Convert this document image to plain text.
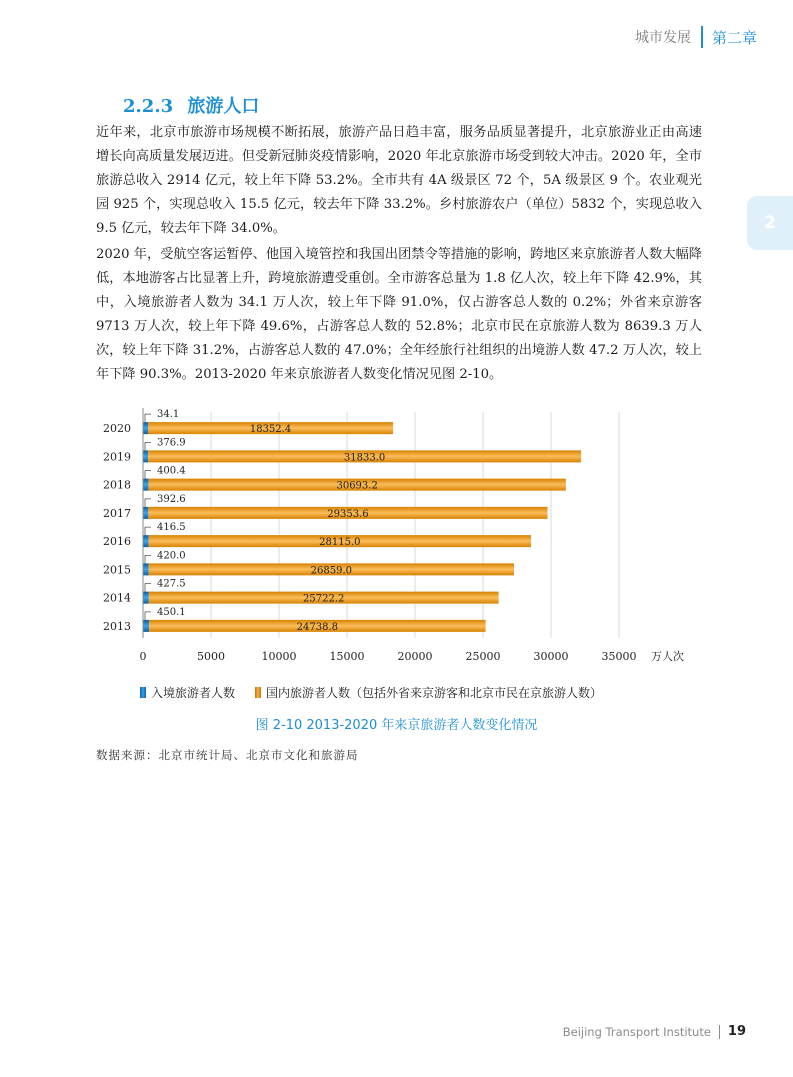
城市发展 第二章
2
2.2.3 旅游人口

近年来，北京市旅游市场规模不断拓展，旅游产品日趋丰富，服务品质显著提升，北京旅游业正由高速增长向高质量发展迈进。但受新冠肺炎疫情影响，2020 年北京旅游市场受到较大冲击。2020 年，全市旅游总收入 2914 亿元，较上年下降 53.2%。全市共有 4A 级景区 72 个，5A 级景区 9 个。农业观光园 925 个，实现总收入 15.5 亿元，较去年下降 33.2%。乡村旅游农户（单位）5832 个，实现总收入 9.5 亿元，较去年下降 34.0%。

2020 年，受航空客运暂停、他国入境管控和我国出团禁令等措施的影响，跨地区来京旅游者人数大幅降低，本地游客占比显著上升，跨境旅游遭受重创。全市游客总量为 1.8 亿人次，较上年下降 42.9%，其中，入境旅游者人数为 34.1 万人次，较上年下降 91.0%，仅占游客总人数的 0.2%；外省来京游客 9713 万人次，较上年下降 49.6%，占游客总人数的 52.8%；北京市民在京旅游人数为 8639.3 万人次，较上年下降 31.2%，占游客总人数的 47.0%；全年经旅行社组织的出境游人数 47.2 万人次，较上年下降 90.3%。2013-2020 年来京旅游者人数变化情况见图 2-10。

0	5000	10000	15000	20000	25000	30000	35000 万人次
2020	18352.4
34.1
2019	31833.0
376.9
2018	30693.2
400.4
2017	29353.6
392.6
2016	28115.0
416.5
2015	26859.0
420.0
2014	25722.2
427.5
2013	24738.8
450.1
入境旅游者人数	国内旅游者人数（包括外省来京游客和北京市民在京旅游人数）
图 2-10 2013-2020 年来京旅游者人数变化情况
数据来源：北京市统计局、北京市文化和旅游局
Beijing Transport Institute 19
